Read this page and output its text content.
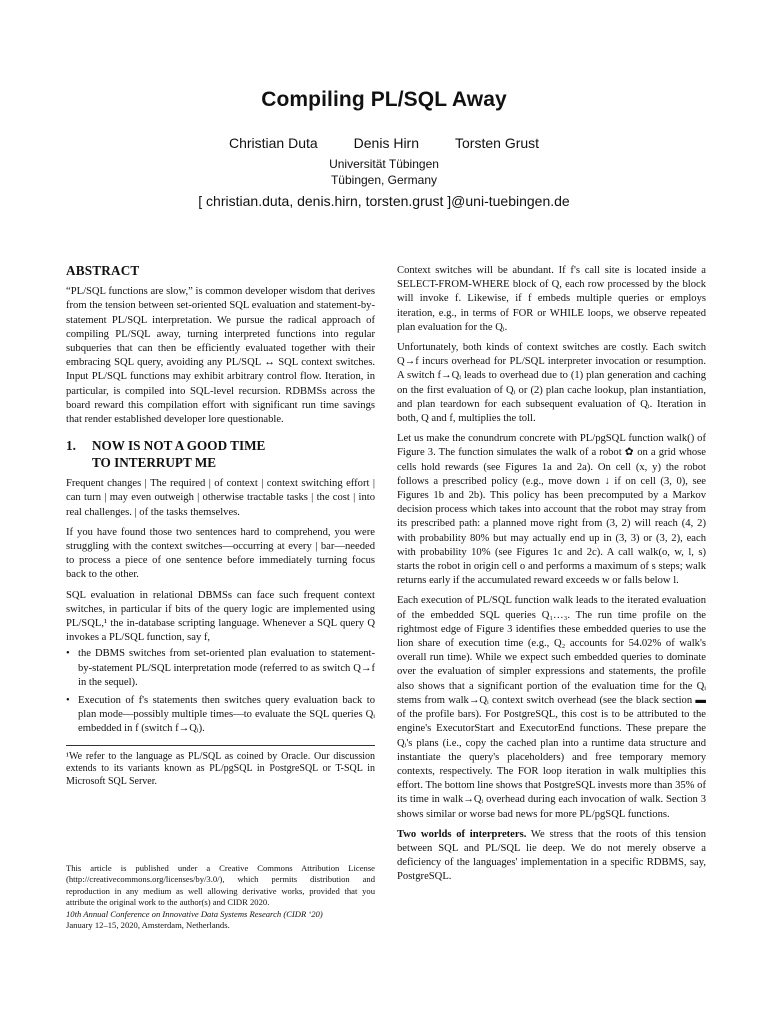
Compiling PL/SQL Away
Christian Duta	Denis Hirn	Torsten Grust
Universität Tübingen
Tübingen, Germany
[ christian.duta, denis.hirn, torsten.grust ]@uni-tuebingen.de
ABSTRACT

“PL/SQL functions are slow,” is common developer wisdom that derives from the tension between set-oriented SQL evaluation and statement-by-statement PL/SQL interpretation. We pursue the radical approach of compiling PL/SQL away, turning interpreted functions into regular subqueries that can then be efficiently evaluated together with their embracing SQL query, avoiding any PL/SQL ↔ SQL context switches. Input PL/SQL functions may exhibit arbitrary control flow. Iteration, in particular, is compiled into SQL-level recursion. RDBMSs across the board reward this compilation effort with significant run time savings that render established developer lore questionable.

1.	NOW IS NOT A GOOD TIME
TO INTERRUPT ME

Frequent changes | The required | of context | context switching effort | can turn | may even outweigh | otherwise tractable tasks | the cost | into real challenges. | of the tasks themselves.

If you have found those two sentences hard to comprehend, you were struggling with the context switches—occurring at every | bar—needed to process a piece of one sentence before immediately turning focus back to the other.

SQL evaluation in relational DBMSs can face such frequent context switches, in particular if bits of the query logic are implemented using PL/SQL,¹ the in-database scripting language. Whenever a SQL query Q invokes a PL/SQL function, say f,

• the DBMS switches from set-oriented plan evaluation to statement-by-statement PL/SQL interpretation mode (referred to as switch Q→f in the sequel).
• Execution of f's statements then switches query evaluation back to plan mode—possibly multiple times—to evaluate the SQL queries Qᵢ embedded in f (switch f→Qᵢ).
¹We refer to the language as PL/SQL as coined by Oracle. Our discussion extends to its variants known as PL/pgSQL in PostgreSQL or T-SQL in Microsoft SQL Server.
This article is published under a Creative Commons Attribution License (http://creativecommons.org/licenses/by/3.0/), which permits distribution and reproduction in any medium as well allowing derivative works, provided that you attribute the original work to the author(s) and CIDR 2020.
10th Annual Conference on Innovative Data Systems Research (CIDR ‘20)
January 12–15, 2020, Amsterdam, Netherlands.

Context switches will be abundant. If f's call site is located inside a SELECT-FROM-WHERE block of Q, each row processed by the block will invoke f. Likewise, if f embeds multiple queries or employs iteration, e.g., in terms of FOR or WHILE loops, we observe repeated plan evaluation for the Qᵢ.

Unfortunately, both kinds of context switches are costly. Each switch Q→f incurs overhead for PL/SQL interpreter invocation or resumption. A switch f→Qᵢ leads to overhead due to (1) plan generation and caching on the first evaluation of Qᵢ or (2) plan cache lookup, plan instantiation, and plan teardown for each subsequent evaluation of Qᵢ. Iteration in both, Q and f, multiplies the toll.

Let us make the conundrum concrete with PL/pgSQL function walk() of Figure 3. The function simulates the walk of a robot ✿ on a grid whose cells hold rewards (see Figures 1a and 2a). On cell (x, y) the robot follows a prescribed policy (e.g., move down ↓ if on cell (3, 0), see Figures 1b and 2b). This policy has been precomputed by a Markov decision process which takes into account that the robot may stray from its prescribed path: a planned move right from (3, 2) will reach (4, 2) with probability 80% but may actually end up in (3, 3) or (3, 2), each with probability 10% (see Figures 1c and 2c). A call walk(o, w, l, s) starts the robot in origin cell o and performs a maximum of s steps; walk returns early if the accumulated reward exceeds w or falls below l.

Each execution of PL/SQL function walk leads to the iterated evaluation of the embedded SQL queries Q₁…₃. The run time profile on the rightmost edge of Figure 3 identifies these embedded queries to use the lion share of execution time (e.g., Q₂ accounts for 54.02% of walk's overall run time). While we expect such embedded queries to dominate over the evaluation of simpler expressions and statements, the profile also shows that a significant portion of the evaluation time for the Qᵢ stems from walk→Qᵢ context switch overhead (see the black section ▬ of the profile bars). For PostgreSQL, this cost is to be attributed to the engine's ExecutorStart and ExecutorEnd functions. These prepare the Qᵢ's plans (i.e., copy the cached plan into a runtime data structure and instantiate the query's placeholders) and free temporary memory contexts, respectively. The FOR loop iteration in walk multiplies this effort. The bottom line shows that PostgreSQL invests more than 35% of its time in walk→Qᵢ overhead during each invocation of walk. Section 3 shows similar or worse bad news for more PL/pgSQL functions.

Two worlds of interpreters. We stress that the roots of this tension between SQL and PL/SQL lie deep. We do not merely observe a deficiency of the languages' implementation in a specific RDBMS, say, PostgreSQL.
